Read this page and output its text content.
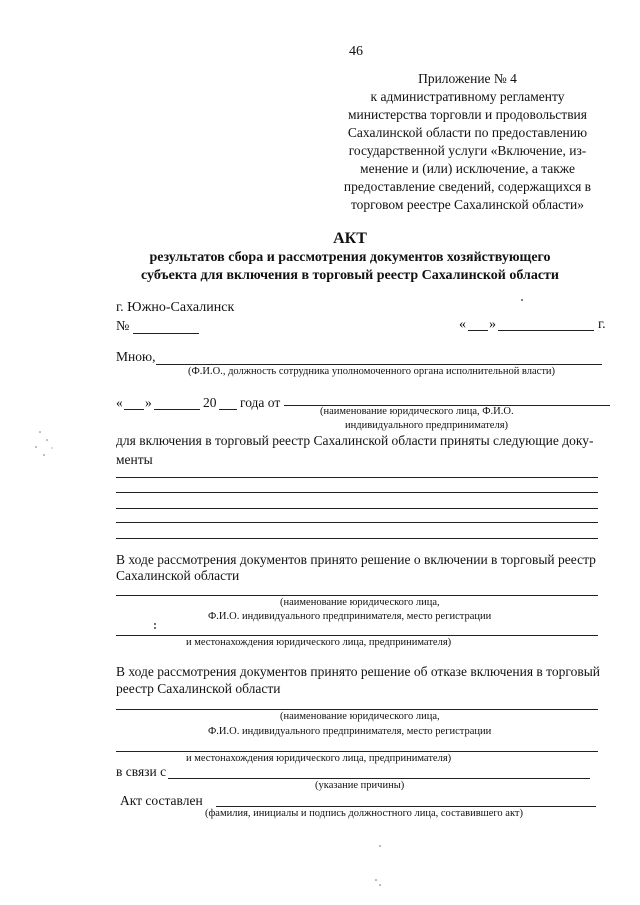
46
Приложение № 4
к административному регламенту
министерства торговли и продовольствия
Сахалинской области по предоставлению
государственной услуги «Включение, из-
менение и (или) исключение, а также
предоставление сведений, содержащихся в
торговом реестре Сахалинской области»
АКТ
результатов сбора и рассмотрения документов хозяйствующего
субъекта для включения в торговый реестр Сахалинской области
г. Южно-Сахалинск
№	« »	г.
Мною,
(Ф.И.О., должность сотрудника уполномоченного органа исполнительной власти)
« »	20 года от
(наименование юридического лица, Ф.И.О.
индивидуального предпринимателя)
для включения в торговый реестр Сахалинской области приняты следующие доку-
менты
В ходе рассмотрения документов принято решение о включении в торговый реестр
Сахалинской области
(наименование юридического лица,
Ф.И.О. индивидуального предпринимателя, место регистрации
и местонахождения юридического лица, предпринимателя)
В ходе рассмотрения документов принято решение об отказе включения в торговый
реестр Сахалинской области
(наименование юридического лица,
Ф.И.О. индивидуального предпринимателя, место регистрации
и местонахождения юридического лица, предпринимателя)
в связи с
(указание причины)
Акт составлен
(фамилия, инициалы и подпись должностного лица, составившего акт)
